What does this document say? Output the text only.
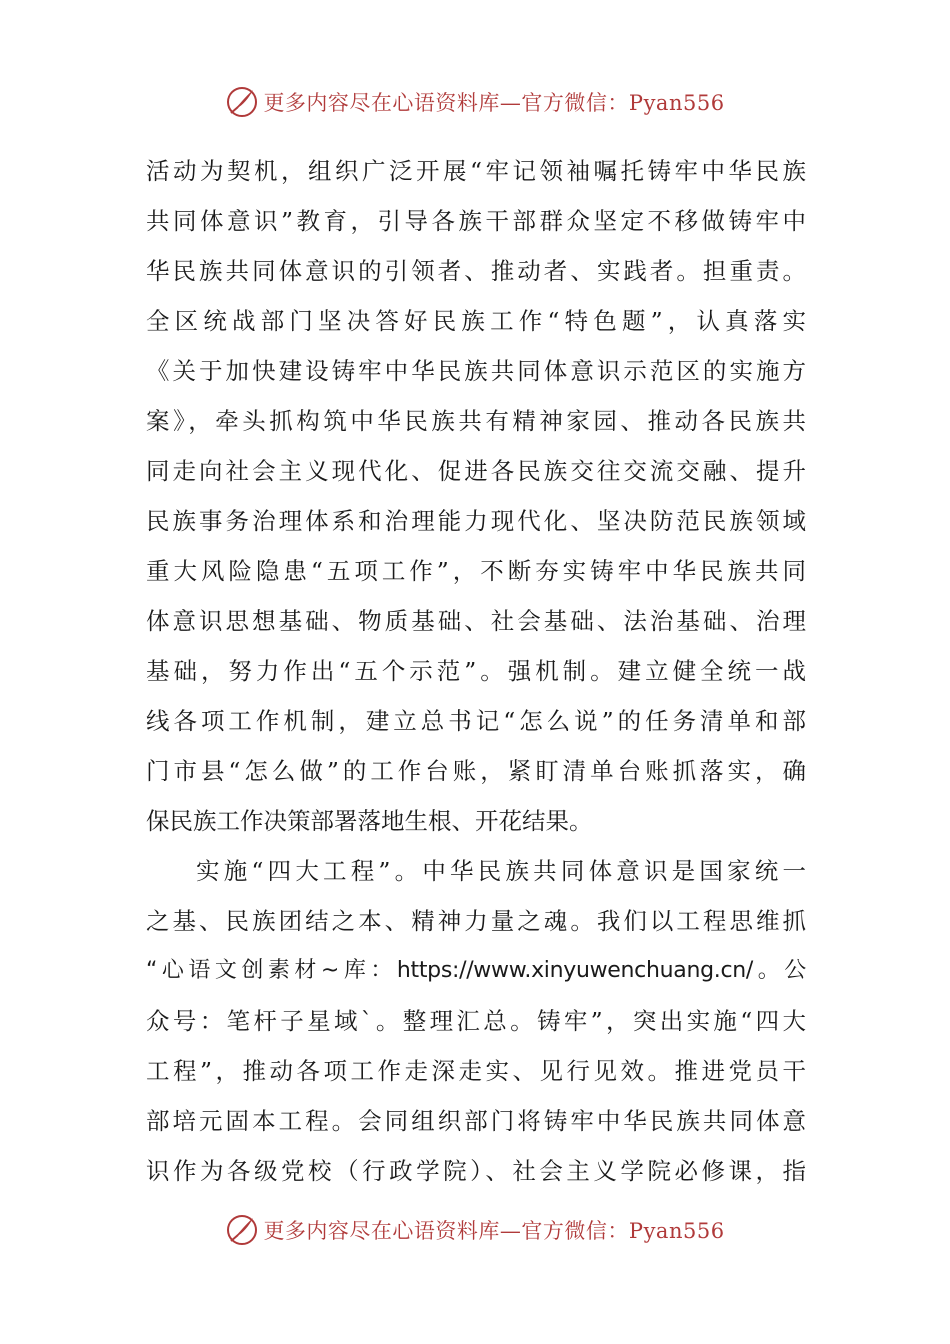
更多内容尽在心语资料库—官方微信：Pyan556
活动为契机，组织广泛开展“牢记领袖嘱托铸牢中华民族
共同体意识”教育，引导各族干部群众坚定不移做铸牢中
华民族共同体意识的引领者、推动者、实践者。担重责。
全区统战部门坚决答好民族工作“特色题”，认真落实
《关于加快建设铸牢中华民族共同体意识示范区的实施方
案》，牵头抓构筑中华民族共有精神家园、推动各民族共
同走向社会主义现代化、促进各民族交往交流交融、提升
民族事务治理体系和治理能力现代化、坚决防范民族领域
重大风险隐患“五项工作”，不断夯实铸牢中华民族共同
体意识思想基础、物质基础、社会基础、法治基础、治理
基础，努力作出“五个示范”。强机制。建立健全统一战
线各项工作机制，建立总书记“怎么说”的任务清单和部
门市县“怎么做”的工作台账，紧盯清单台账抓落实，确
保民族工作决策部署落地生根、开花结果。
实施“四大工程”。中华民族共同体意识是国家统一
之基、民族团结之本、精神力量之魂。我们以工程思维抓
“心语文创素材~库：https://www.xinyuwenchuang.cn/。公
众号：笔杆子星域`。整理汇总。铸牢”，突出实施“四大
工程”，推动各项工作走深走实、见行见效。推进党员干
部培元固本工程。会同组织部门将铸牢中华民族共同体意
识作为各级党校（行政学院）、社会主义学院必修课，指
更多内容尽在心语资料库—官方微信：Pyan556
